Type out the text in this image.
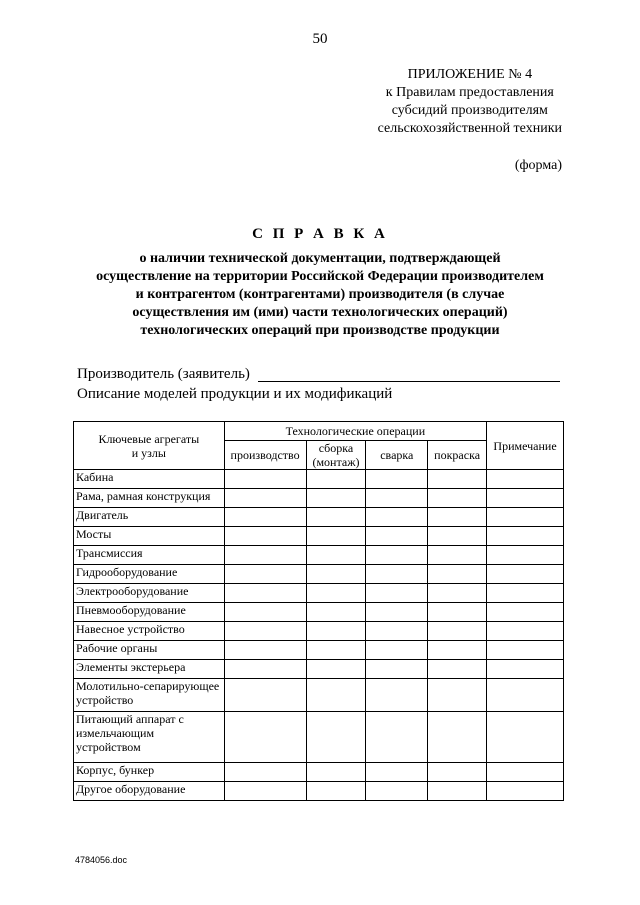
50
ПРИЛОЖЕНИЕ № 4
к Правилам предоставления
субсидий производителям
сельскохозяйственной техники
(форма)
С П Р А В К А
о наличии технической документации, подтверждающей
осуществление на территории Российской Федерации производителем
и контрагентом (контрагентами) производителя (в случае
осуществления им (ими) части технологических операций)
технологических операций при производстве продукции
Производитель (заявитель)
Описание моделей продукции и их модификаций
Ключевые агрегаты и узлы	Технологические операции				Примечание
	производство	сборка (монтаж)	сварка	покраска	
Кабина					
Рама, рамная конструкция					
Двигатель					
Мосты					
Трансмиссия					
Гидрооборудование					
Электрооборудование					
Пневмооборудование					
Навесное устройство					
Рабочие органы					
Элементы экстерьера					
Молотильно-сепарирующее устройство					
Питающий аппарат с измельчающим устройством					
Корпус, бункер					
Другое оборудование					
4784056.doc
